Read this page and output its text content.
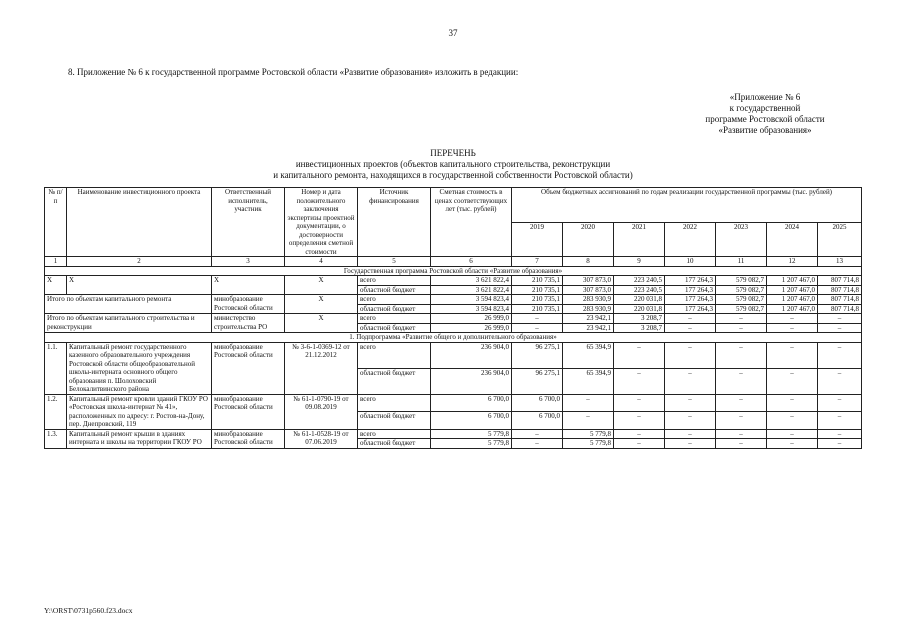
37
8. Приложение № 6 к государственной программе Ростовской области «Развитие образования» изложить в редакции:
«Приложение № 6
к государственной
программе Ростовской области
«Развитие образования»
ПЕРЕЧЕНЬ
инвестиционных проектов (объектов капитального строительства, реконструкции
и капитального ремонта, находящихся в государственной собственности Ростовской области)
№ п/п	Наименование инвестиционного проекта	Ответственный исполнитель, участник	Номер и дата положительного заключения экспертизы проектной документации, о достоверности определения сметной стоимости	Источник финансирования	Сметная стоимость в ценах соответствующих лет (тыс. рублей)	Объем бюджетных ассигнований по годам реализации государственной программы (тыс. рублей)						
						2019	2020	2021	2022	2023	2024	2025
1	2	3	4	5	6	7	8	9	10	11	12	13
Государственная программа Ростовской области «Развитие образования»												
Х	Х	Х	Х	всего	3 621 822,4	210 735,1	307 873,0	223 240,5	177 264,3	579 082,7	1 207 467,0	807 714,8
				областной бюджет	3 621 822,4	210 735,1	307 873,0	223 240,5	177 264,3	579 082,7	1 207 467,0	807 714,8
Итого по объектам капитального ремонта		минобразование Ростовской области	Х	всего	3 594 823,4	210 735,1	283 930,9	220 031,8	177 264,3	579 082,7	1 207 467,0	807 714,8
				областной бюджет	3 594 823,4	210 735,1	283 930,9	220 031,8	177 264,3	579 082,7	1 207 467,0	807 714,8
Итого по объектам капитального строительства и реконструкции		министерство строительства РО	Х	всего	26 999,0	–	23 942,1	3 208,7	–	–	–	–
				областной бюджет	26 999,0	–	23 942,1	3 208,7	–	–	–	–
1. Подпрограмма «Развитие общего и дополнительного образования»												
1.1.	Капитальный ремонт государственного казенного образовательного учреждения Ростовской области общеобразовательной школы-интерната основного общего образования п. Шолоховский Белокалитвинского района	минобразование Ростовской области	№ 3-6-1-0369-12 от 21.12.2012	всего	236 904,0	96 275,1	65 394,9	–	–	–	–	–
				областной бюджет	236 904,0	96 275,1	65 394,9	–	–	–	–	–
1.2.	Капитальный ремонт кровли зданий ГКОУ РО «Ростовская школа-интернат № 41», расположенных по адресу: г. Ростов-на-Дону, пер. Днепровский, 119	минобразование Ростовской области	№ 61-1-0790-19 от 09.08.2019	всего	6 700,0	6 700,0	–	–	–	–	–	–
				областной бюджет	6 700,0	6 700,0	–	–	–	–	–	–
1.3.	Капитальный ремонт крыши в зданиях интерната и школы на территории ГКОУ РО	минобразование Ростовской области	№ 61-1-0528-19 от 07.06.2019	всего	5 779,8	–	5 779,8	–	–	–	–	–
				областной бюджет	5 779,8	–	5 779,8	–	–	–	–	–
Y:\ORST\0731p560.f23.docx
